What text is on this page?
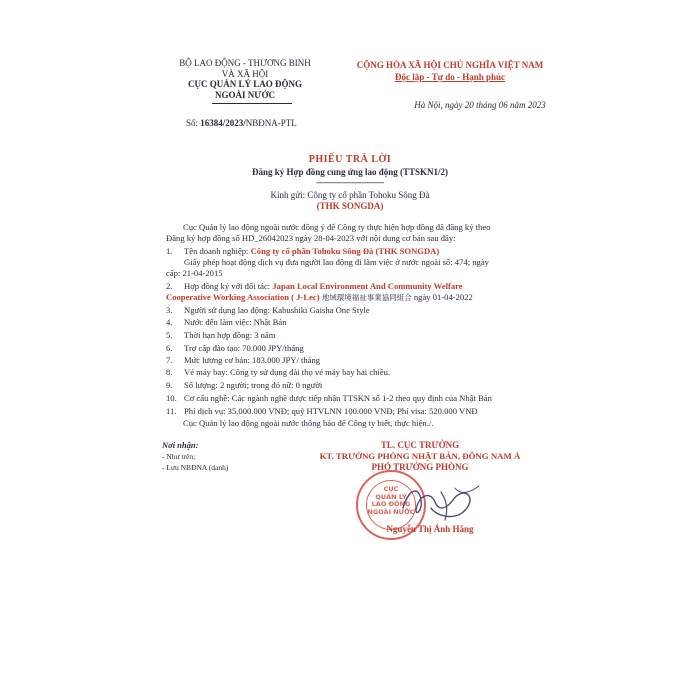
BỘ LAO ĐỘNG - THƯƠNG BINH
VÀ XÃ HỘI
CỤC QUẢN LÝ LAO ĐỘNG
NGOÀI NƯỚC
Số: 16384/2023/NBĐNA-PTL
CỘNG HÒA XÃ HỘI CHỦ NGHĨA VIỆT NAM
Độc lập - Tự do - Hạnh phúc
Hà Nội, ngày 20 tháng 06 năm 2023
PHIẾU TRẢ LỜI
Đăng ký Hợp đồng cung ứng lao động (TTSKN1/2)
---------------------------
Kính gửi: Công ty cổ phần Tohoku Sông Đà
(THK SONGDA)
Cục Quản lý lao động ngoài nước đồng ý để Công ty thực hiện hợp đồng đã đăng ký theo
Đăng ký hợp đồng số HD_26042023 ngày 28-04-2023 với nội dung cơ bản sau đây:
1. Tên doanh nghiệp: Công ty cổ phần Tohoku Sông Đà (THK SONGDA)
Giấy phép hoạt động dịch vụ đưa người lao động đi làm việc ở nước ngoài số: 474; ngày
cấp: 21-04-2015
2. Hợp đồng ký với đối tác: Japan Local Environment And Community Welfare
Cooperative Working Association ( J-Lec) 地域環境福祉事業協同組合 ngày 01-04-2022
3. Người sử dụng lao động: Kabushiki Gaisha One Style
4. Nước đến làm việc: Nhật Bản
5. Thời hạn hợp đồng: 3 năm
6. Trợ cấp đào tạo: 70.000 JPY/tháng
7. Mức lương cơ bản: 183.000 JPY/ tháng
8. Vé máy bay: Công ty sử dụng đài thọ vé máy bay hai chiều.
9. Số lượng: 2 người; trong đó nữ: 0 người
10. Cơ cấu nghề: Các ngành nghề được tiếp nhận TTSKN số 1-2 theo quy định của Nhật Bản
11. Phí dịch vụ: 35.000.000 VNĐ; quỹ HTVLNN 100.000 VNĐ; Phí visa: 520.000 VNĐ
Cục Quản lý lao động ngoài nước thông báo để Công ty biết, thực hiện./.
Nơi nhận:
- Như trên;
- Lưu NBĐNA (danh)
TL. CỤC TRƯỞNG
KT. TRƯỞNG PHÒNG NHẬT BẢN, ĐÔNG NAM Á
PHÓ TRƯỞNG PHÒNG
CỤC
QUẢN LÝ
LAO ĐỘNG
NGOÀI NƯỚC
Nguyễn Thị Ánh Hằng
